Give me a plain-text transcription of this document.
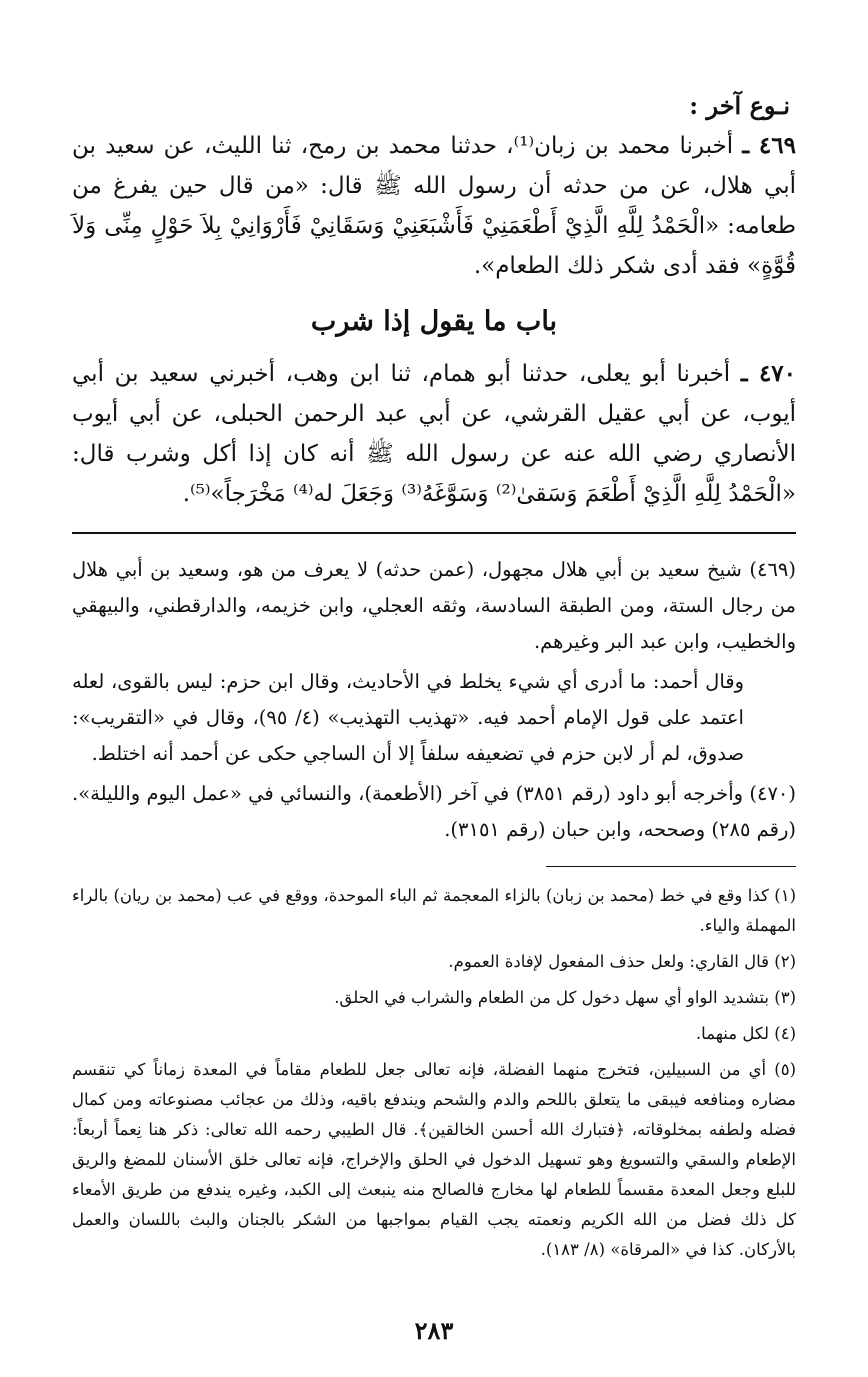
نـوع آخر :

٤٦٩ ـ أخبرنا محمد بن زبان⁽¹⁾، حدثنا محمد بن رمح، ثنا الليث، عن سعيد بن أبي هلال، عن من حدثه أن رسول الله ﷺ قال: «من قال حين يفرغ من طعامه: «الْحَمْدُ لِلَّهِ الَّذِيْ أَطْعَمَنِيْ فَأَشْبَعَنِيْ وَسَقَانِيْ فَأَرْوَانِيْ بِلاَ حَوْلٍ مِنِّى وَلاَ قُوَّةٍ» فقد أدى شكر ذلك الطعام».

باب ما يقول إذا شرب

٤٧٠ ـ أخبرنا أبو يعلى، حدثنا أبو همام، ثنا ابن وهب، أخبرني سعيد بن أبي أيوب، عن أبي عقيل القرشي، عن أبي عبد الرحمن الحبلى، عن أبي أيوب الأنصاري رضي الله عنه عن رسول الله ﷺ أنه كان إذا أكل وشرب قال: «الْحَمْدُ لِلَّهِ الَّذِيْ أَطْعَمَ وَسَقىٰ⁽²⁾ وَسَوَّغَهُ⁽³⁾ وَجَعَلَ له⁽⁴⁾ مَخْرَجاً»⁽⁵⁾.

(٤٦٩) شيخ سعيد بن أبي هلال مجهول، (عمن حدثه) لا يعرف من هو، وسعيد بن أبي هلال من رجال الستة، ومن الطبقة السادسة، وثقه العجلي، وابن خزيمه، والدارقطني، والبيهقي والخطيب، وابن عبد البر وغيرهم.

وقال أحمد: ما أدرى أي شيء يخلط في الأحاديث، وقال ابن حزم: ليس بالقوى، لعله اعتمد على قول الإمام أحمد فيه. «تهذيب التهذيب» (٤/ ٩٥)، وقال في «التقريب»: صدوق، لم أر لابن حزم في تضعيفه سلفاً إلا أن الساجي حكى عن أحمد أنه اختلط.

(٤٧٠) وأخرجه أبو داود (رقم ٣٨٥١) في آخر (الأطعمة)، والنسائي في «عمل اليوم والليلة». (رقم ٢٨٥) وصححه، وابن حبان (رقم ٣١٥١).

(١) كذا وقع في خط (محمد بن زبان) بالزاء المعجمة ثم الباء الموحدة، ووقع في عب (محمد بن ريان) بالراء المهملة والياء.

(٢) قال القاري: ولعل حذف المفعول لإفادة العموم.

(٣) بتشديد الواو أي سهل دخول كل من الطعام والشراب في الحلق.

(٤) لكل منهما.

(٥) أي من السبيلين، فتخرج منهما الفضلة، فإنه تعالى جعل للطعام مقاماً في المعدة زماناً كي تنقسم مضاره ومنافعه فيبقى ما يتعلق باللحم والدم والشحم ويندفع باقيه، وذلك من عجائب مصنوعاته ومن كمال فضله ولطفه بمخلوقاته، ﴿فتبارك الله أحسن الخالقين﴾. قال الطيبي رحمه الله تعالى: ذكر هنا نِعماً أربعاً: الإطعام والسقي والتسويغ وهو تسهيل الدخول في الحلق والإخراج، فإنه تعالى خلق الأسنان للمضغ والريق للبلع وجعل المعدة مقسماً للطعام لها مخارج فالصالح منه ينبعث إلى الكبد، وغيره يندفع من طريق الأمعاء كل ذلك فضل من الله الكريم ونعمته يجب القيام بمواجبها من الشكر بالجنان والبث باللسان والعمل بالأركان. كذا في «المرقاة» (٨/ ١٨٣).

٢٨٣
